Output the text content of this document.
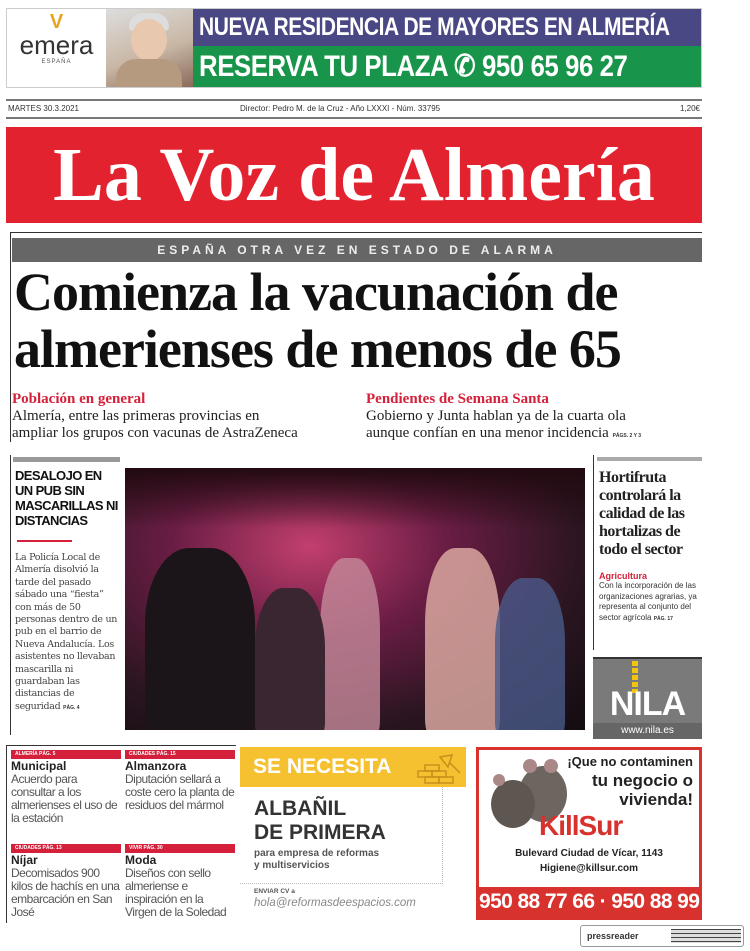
V
emera
ESPAÑA
NUEVA RESIDENCIA DE MAYORES EN ALMERÍA
RESERVA TU PLAZA ✆ 950 65 96 27
MARTES 30.3.2021	Director: Pedro M. de la Cruz - Año LXXXI - Núm. 33795	1,20€
La Voz de Almería
ESPAÑA OTRA VEZ EN ESTADO DE ALARMA
Comienza la vacunación de
almerienses de menos de 65
Población en general
Almería, entre las primeras provincias en
ampliar los grupos con vacunas de AstraZeneca
Pendientes de Semana Santa
Gobierno y Junta hablan ya de la cuarta ola
aunque confían en una menor incidencia PÁGS. 2 Y 3
DESALOJO EN UN PUB SIN MASCARILLAS NI DISTANCIAS

La Policía Local de Almería disolvió la tarde del pasado sábado una “fiesta” con más de 50 personas dentro de un pub en el barrio de Nueva Andalucía. Los asistentes no llevaban mascarilla ni guardaban las distancias de seguridad PÁG. 4

Hortifruta controlará la calidad de las hortalizas de todo el sector
Agricultura

Con la incorporación de las organizaciones agrarias, ya representa al conjunto del sector agrícola PÁG. 17

NILA
www.nila.es
ALMERÍA PÁG. 5
Municipal

Acuerdo para consultar a los almerienses el uso de la estación

CIUDADES PÁG. 15
Almanzora

Diputación sellará a coste cero la planta de residuos del mármol

CIUDADES PÁG. 13
Níjar

Decomisados 900 kilos de hachís en una embarcación en San José

VIVIR PÁG. 30
Moda

Diseños con sello almeriense e inspiración en la Virgen de la Soledad

SE NECESITA
ALBAÑIL
DE PRIMERA
para empresa de reformas
y multiservicios
ENVIAR CV a
hola@reformasdeespacios.com
¡Que no contaminen
tu negocio o
vivienda!
KillSur
Bulevard Ciudad de Vícar, 1143
Higiene@killsur.com
950 88 77 66 · 950 88 99 00
pressreader
